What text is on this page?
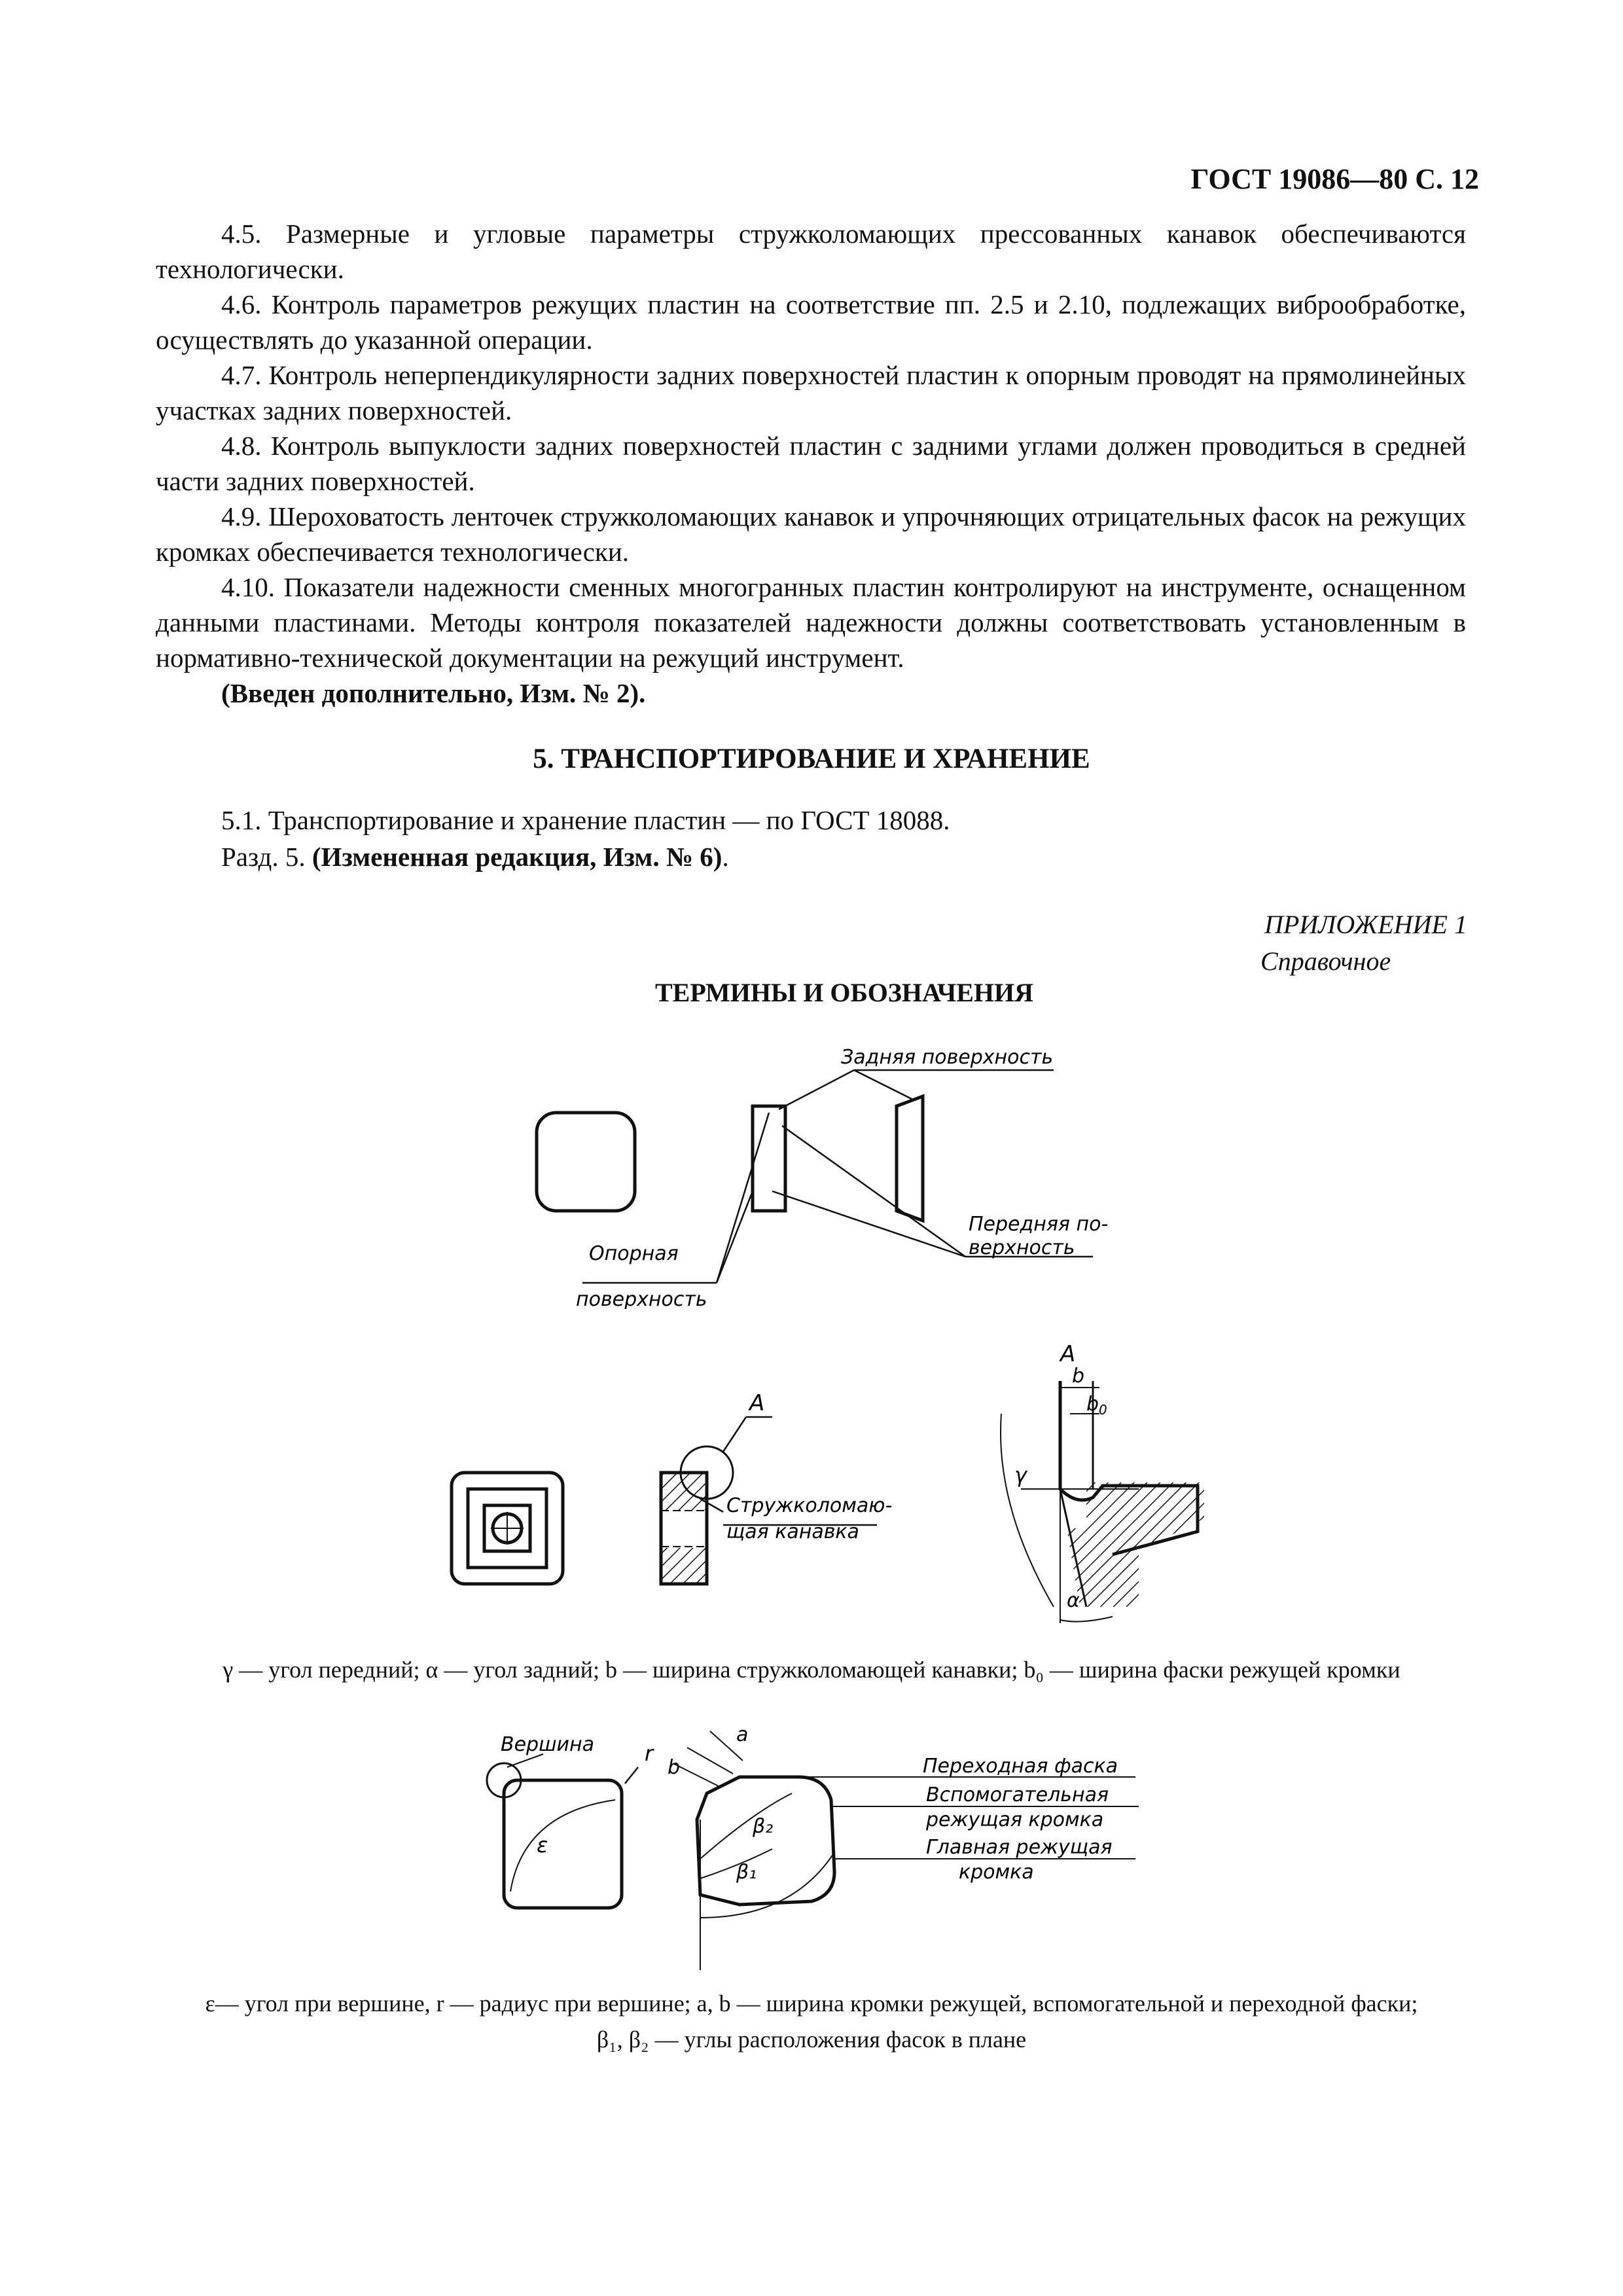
ГОСТ 19086—80 С. 12

4.5. Размерные и угловые параметры стружколомающих прессованных канавок обеспечиваются технологически.

4.6. Контроль параметров режущих пластин на соответствие пп. 2.5 и 2.10, подлежащих виброобработке, осуществлять до указанной операции.

4.7. Контроль неперпендикулярности задних поверхностей пластин к опорным проводят на прямолинейных участках задних поверхностей.

4.8. Контроль выпуклости задних поверхностей пластин с задними углами должен проводиться в средней части задних поверхностей.

4.9. Шероховатость ленточек стружколомающих канавок и упрочняющих отрицательных фасок на режущих кромках обеспечивается технологически.

4.10. Показатели надежности сменных многогранных пластин контролируют на инструменте, оснащенном данными пластинами. Методы контроля показателей надежности должны соответствовать установленным в нормативно-технической документации на режущий инструмент.

(Введен дополнительно, Изм. № 2).

5. ТРАНСПОРТИРОВАНИЕ И ХРАНЕНИЕ
5.1. Транспортирование и хранение пластин — по ГОСТ 18088.
Разд. 5. (Измененная редакция, Изм. № 6).
ПРИЛОЖЕНИЕ 1
Справочное
ТЕРМИНЫ И ОБОЗНАЧЕНИЯ
Задняя поверхность
Передняя по-
верхность
Опорная
поверхность
A
A
Стружколомаю-
щая канавка
b
$b_0$
γ
α
γ — угол передний; α — угол задний; b — ширина стружколомающей канавки; b₀ — ширина фаски режущей кромки
Вершина r
ε
b
a
β₂
β₁
Переходная фаска
Вспомогательная
режущая кромка
Главная режущая
кромка
ε— угол при вершине, r — радиус при вершине; a, b — ширина кромки режущей, вспомогательной и переходной фаски;
β₁, β₂ — углы расположения фасок в плане
